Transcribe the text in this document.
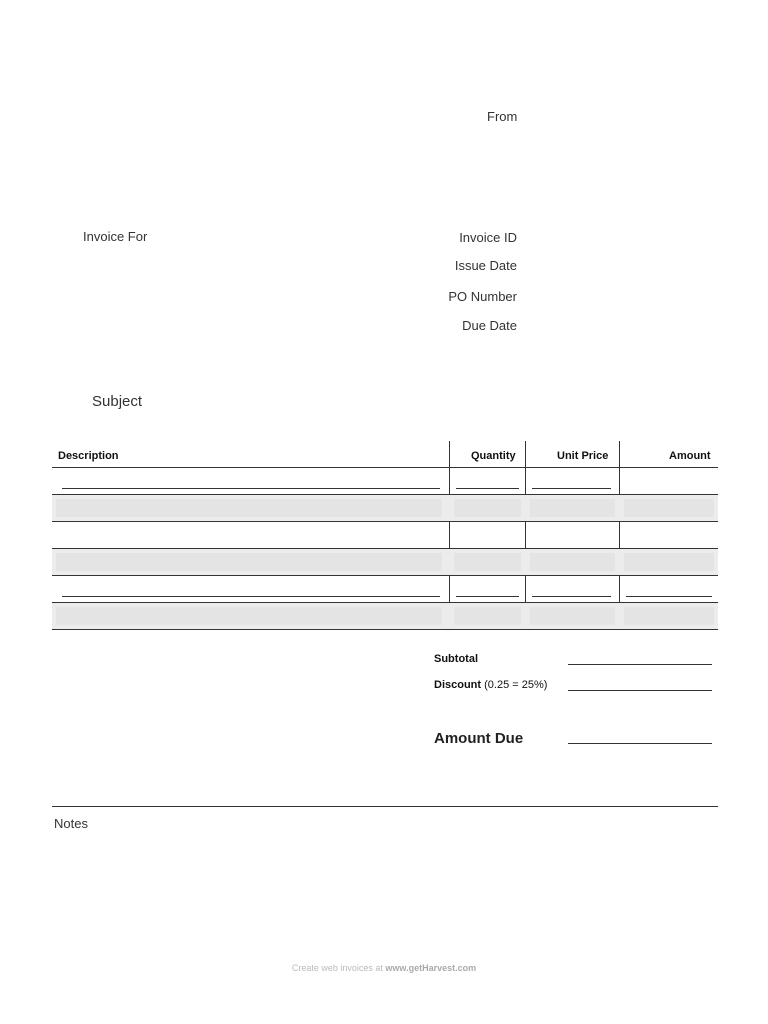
From
Invoice For	Invoice ID
Issue Date
PO Number
Due Date
Subject
Description	Quantity	Unit Price	Amount
Subtotal
Discount (0.25 = 25%)
Amount Due
Notes
Create web invoices at www.getHarvest.com
